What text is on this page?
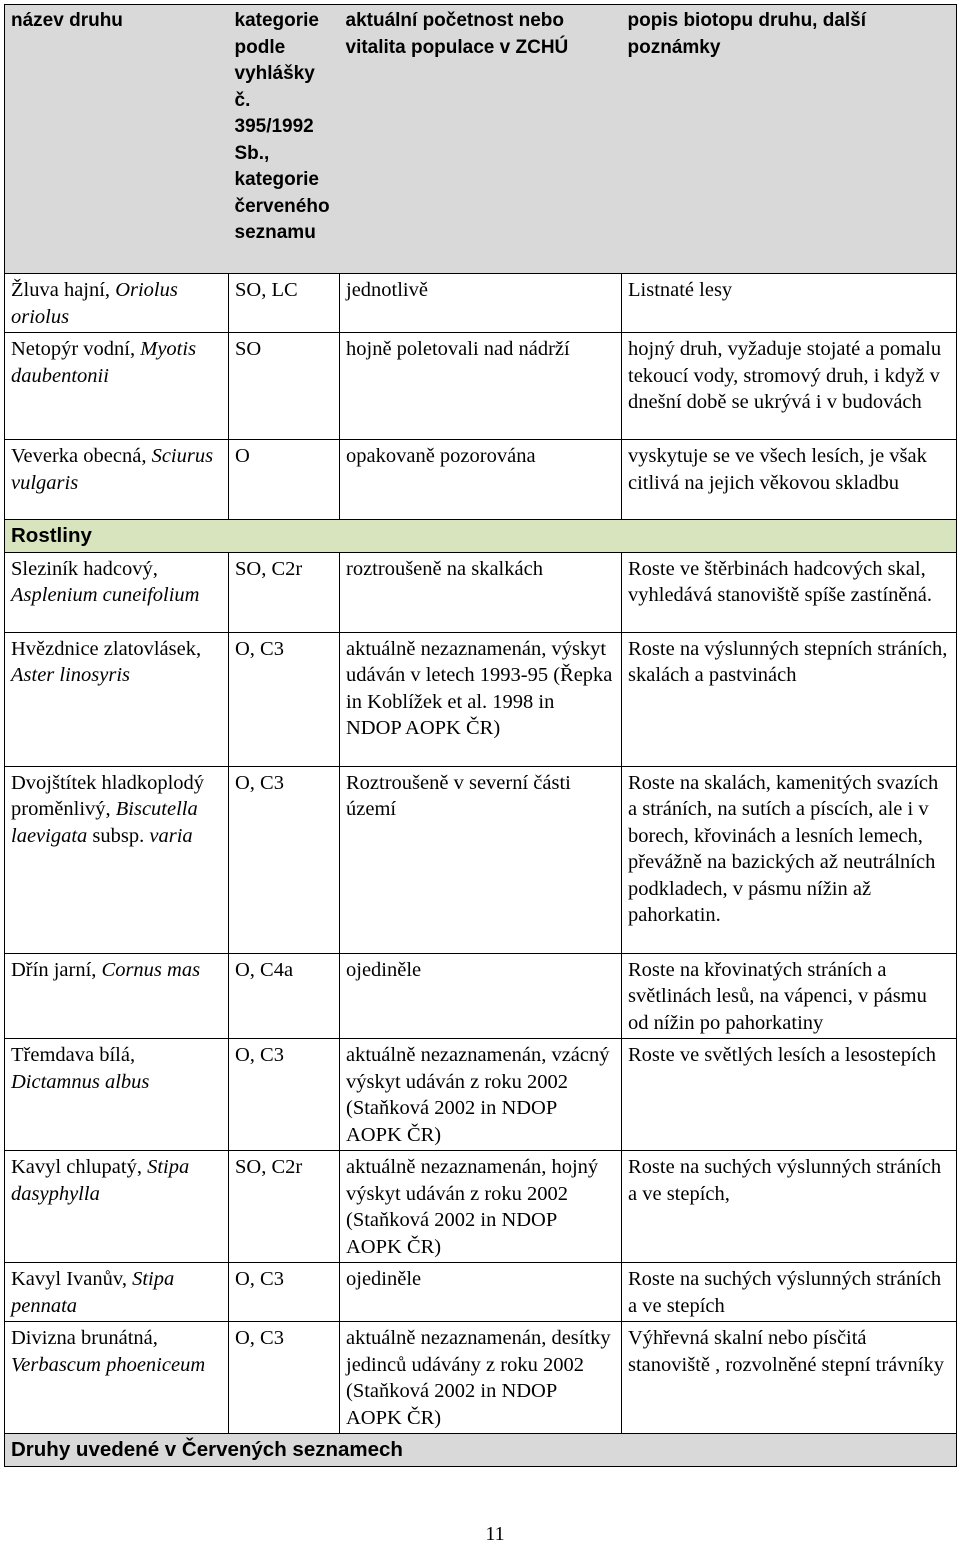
název druhu	kategorie podle vyhlášky č. 395/1992 Sb., kategorie červeného seznamu	aktuální početnost nebo vitalita populace v ZCHÚ	popis biotopu druhu, další poznámky
Žluva hajní, Oriolus oriolus	SO, LC	jednotlivě	Listnaté lesy
Netopýr vodní, Myotis daubentonii	SO	hojně poletovali nad nádrží	hojný druh, vyžaduje stojaté a pomalu tekoucí vody, stromový druh, i když v dnešní době se ukrývá i v budovách
Veverka obecná, Sciurus vulgaris	O	opakovaně pozorována	vyskytuje se ve všech lesích, je však citlivá na jejich věkovou skladbu
Rostliny			
Sleziník hadcový, Asplenium cuneifolium	SO, C2r	roztroušeně na skalkách	Roste ve štěrbinách hadcových skal, vyhledává stanoviště spíše zastíněná.
Hvězdnice zlatovlásek, Aster linosyris	O, C3	aktuálně nezaznamenán, výskyt udáván v letech 1993-95 (Řepka in Koblížek et al. 1998 in NDOP AOPK ČR)	Roste na výslunných stepních stráních, skalách a pastvinách
Dvojštítek hladkoplodý proměnlivý, Biscutella laevigata subsp. varia	O, C3	Roztroušeně v severní části území	Roste na skalách, kamenitých svazích a stráních, na sutích a píscích, ale i v borech, křovinách a lesních lemech, převážně na bazických až neutrálních podkladech, v pásmu nížin až pahorkatin.
Dřín jarní, Cornus mas	O, C4a	ojediněle	Roste na křovinatých stráních a světlinách lesů, na vápenci, v pásmu od nížin po pahorkatiny
Třemdava bílá, Dictamnus albus	O, C3	aktuálně nezaznamenán, vzácný výskyt udáván z roku 2002 (Staňková 2002 in NDOP AOPK ČR)	Roste ve světlých lesích a lesostepích
Kavyl chlupatý, Stipa dasyphylla	SO, C2r	aktuálně nezaznamenán, hojný výskyt udáván z roku 2002 (Staňková 2002 in NDOP AOPK ČR)	Roste na suchých výslunných stráních a ve stepích,
Kavyl Ivanův, Stipa pennata	O, C3	ojediněle	Roste na suchých výslunných stráních a ve stepích
Divizna brunátná, Verbascum phoeniceum	O, C3	aktuálně nezaznamenán, desítky jedinců udávány z roku 2002 (Staňková 2002 in NDOP AOPK ČR)	Výhřevná skalní nebo písčitá stanoviště , rozvolněné stepní trávníky
Druhy uvedené v Červených seznamech			
11
